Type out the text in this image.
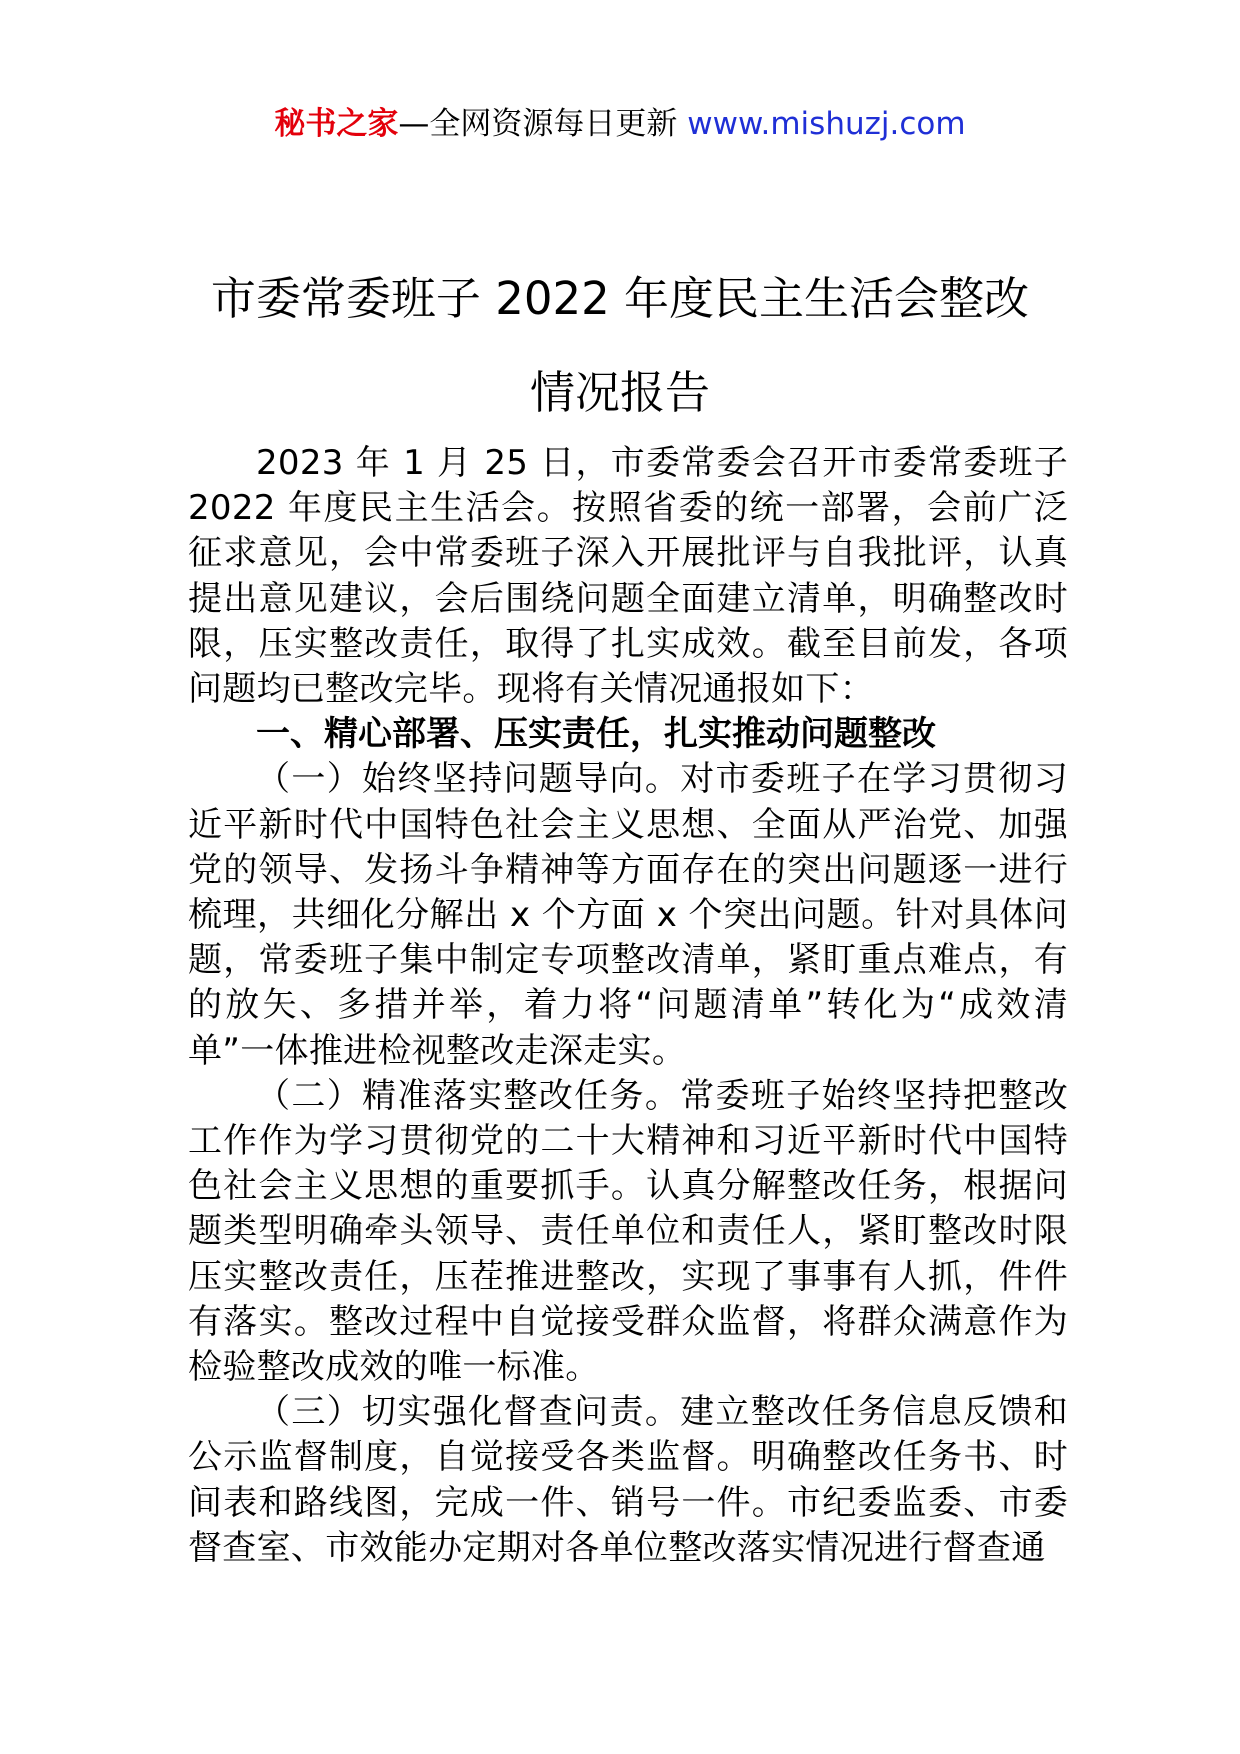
秘书之家—全网资源每日更新 www.mishuzj.com
市委常委班子 2022 年度民主生活会整改
情况报告

2023 年 1 月 25 日，市委常委会召开市委常委班子 2022 年度民主生活会。按照省委的统一部署，会前广泛征求意见，会中常委班子深入开展批评与自我批评，认真提出意见建议，会后围绕问题全面建立清单，明确整改时限，压实整改责任，取得了扎实成效。截至目前发，各项问题均已整改完毕。现将有关情况通报如下：

一、精心部署、压实责任，扎实推动问题整改

（一）始终坚持问题导向。对市委班子在学习贯彻习近平新时代中国特色社会主义思想、全面从严治党、加强党的领导、发扬斗争精神等方面存在的突出问题逐一进行梳理，共细化分解出 x 个方面 x 个突出问题。针对具体问题，常委班子集中制定专项整改清单，紧盯重点难点，有的放矢、多措并举，着力将“问题清单”转化为“成效清单”一体推进检视整改走深走实。

（二）精准落实整改任务。常委班子始终坚持把整改工作作为学习贯彻党的二十大精神和习近平新时代中国特色社会主义思想的重要抓手。认真分解整改任务，根据问题类型明确牵头领导、责任单位和责任人，紧盯整改时限压实整改责任，压茬推进整改，实现了事事有人抓，件件有落实。整改过程中自觉接受群众监督，将群众满意作为检验整改成效的唯一标准。

（三）切实强化督查问责。建立整改任务信息反馈和公示监督制度，自觉接受各类监督。明确整改任务书、时间表和路线图，完成一件、销号一件。市纪委监委、市委督查室、市效能办定期对各单位整改落实情况进行督查通
